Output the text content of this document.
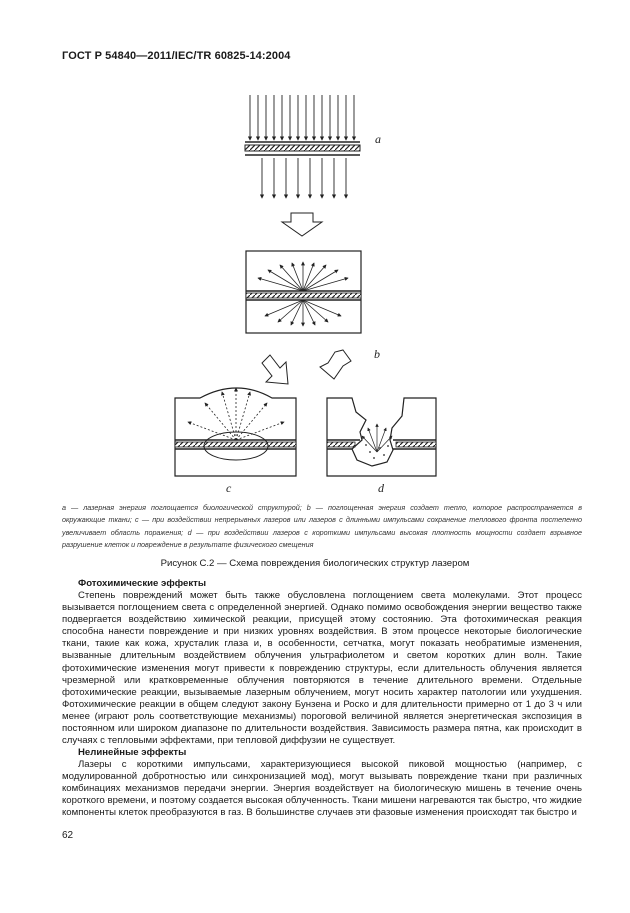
ГОСТ Р 54840—2011/IEC/TR 60825-14:2004
a
b
c	d
a — лазерная энергия поглощается биологической структурой; b — поглощенная энергия создает тепло, которое распространяется в окружающие ткани; c — при воздействии непрерывных лазеров или лазеров с длинными импульсами сохранение теплового фронта постепенно увеличивает область поражения; d — при воздействии лазеров с короткими импульсами высокая плотность мощности создает взрывное разрушение клеток и повреждение в результате физического смещения
Рисунок С.2 — Схема повреждения биологических структур лазером
Фотохимические эффекты

Степень повреждений может быть также обусловлена поглощением света молекулами. Этот процесс вызывается поглощением света с определенной энергией. Однако помимо освобождения энергии вещество также подвергается воздействию химической реакции, присущей этому состоянию. Эта фотохимическая реакция способна нанести повреждение и при низких уровнях воздействия. В этом процессе некоторые биологические ткани, такие как кожа, хрусталик глаза и, в особенности, сетчатка, могут показать необратимые изменения, вызванные длительным воздействием облучения ультрафиолетом и светом коротких длин волн. Такие фотохимические изменения могут привести к повреждению структуры, если длительность облучения является чрезмерной или кратковременные облучения повторяются в течение длительного времени. Отдельные фотохимические реакции, вызываемые лазерным облучением, могут носить характер патологии или ухудшения. Фотохимические реакции в общем следуют закону Бунзена и Роско и для длительности примерно от 1 до 3 ч или менее (играют роль соответствующие механизмы) пороговой величиной является энергетическая экспозиция в постоянном или широком диапазоне по длительности воздействия. Зависимость размера пятна, как происходит в случаях с тепловыми эффектами, при тепловой диффузии не существует.

Нелинейные эффекты

Лазеры с короткими импульсами, характеризующиеся высокой пиковой мощностью (например, с модулированной добротностью или синхронизацией мод), могут вызывать повреждение ткани при различных комбинациях механизмов передачи энергии. Энергия воздействует на биологическую мишень в течение очень короткого времени, и поэтому создается высокая облученность. Ткани мишени нагреваются так быстро, что жидкие компоненты клеток преобразуются в газ. В большинстве случаев эти фазовые изменения происходят так быстро и

62
